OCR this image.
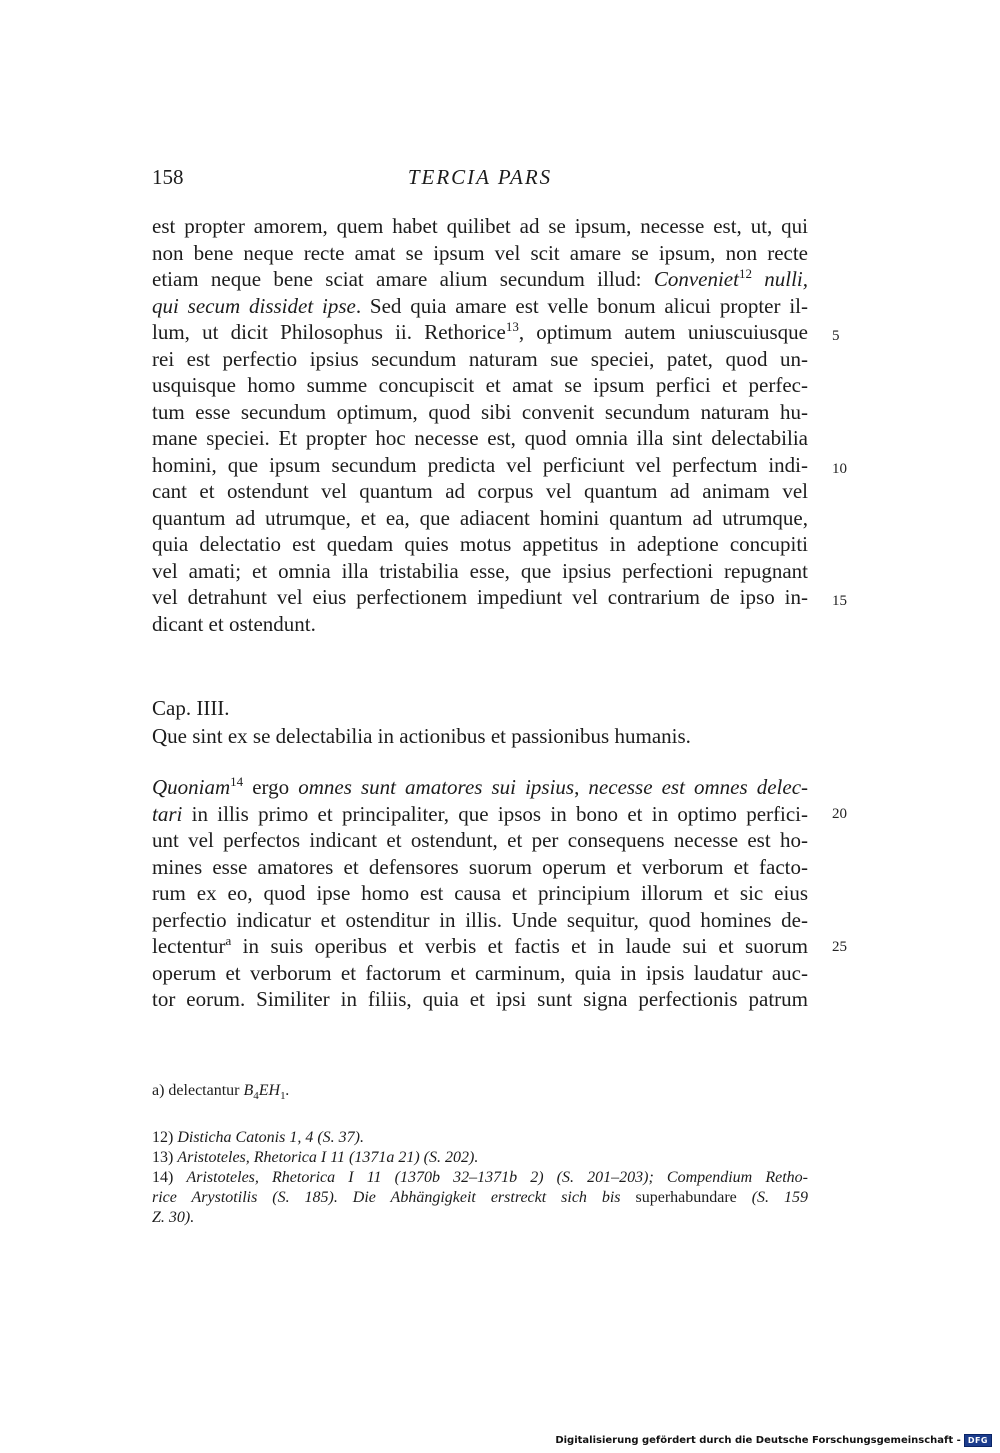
158	TERCIA PARS
est propter amorem, quem habet quilibet ad se ipsum, necesse est, ut, qui
non bene neque recte amat se ipsum vel scit amare se ipsum, non recte
etiam neque bene sciat amare alium secundum illud: Conveniet$^{12}$ nulli,
qui secum dissidet ipse. Sed quia amare est velle bonum alicui propter il-
lum, ut dicit Philosophus ii. Rethorice$^{13}$, optimum autem uniuscuiusque
rei est perfectio ipsius secundum naturam sue speciei, patet, quod un-
usquisque homo summe concupiscit et amat se ipsum perfici et perfec-
tum esse secundum optimum, quod sibi convenit secundum naturam hu-
mane speciei. Et propter hoc necesse est, quod omnia illa sint delectabilia
homini, que ipsum secundum predicta vel perficiunt vel perfectum indi-
cant et ostendunt vel quantum ad corpus vel quantum ad animam vel
quantum ad utrumque, et ea, que adiacent homini quantum ad utrumque,
quia delectatio est quedam quies motus appetitus in adeptione concupiti
vel amati; et omnia illa tristabilia esse, que ipsius perfectioni repugnant
vel detrahunt vel eius perfectionem impediunt vel contrarium de ipso in-
dicant et ostendunt.
5
10
15
Cap. IIII.
Que sint ex se delectabilia in actionibus et passionibus humanis.
Quoniam$^{14}$ ergo omnes sunt amatores sui ipsius, necesse est omnes delec-
tari in illis primo et principaliter, que ipsos in bono et in optimo perfici-
unt vel perfectos indicant et ostendunt, et per consequens necesse est ho-
mines esse amatores et defensores suorum operum et verborum et facto-
rum ex eo, quod ipse homo est causa et principium illorum et sic eius
perfectio indicatur et ostenditur in illis. Unde sequitur, quod homines de-
lectentur$^a$ in suis operibus et verbis et factis et in laude sui et suorum
operum et verborum et factorum et carminum, quia in ipsis laudatur auc-
tor eorum. Similiter in filiis, quia et ipsi sunt signa perfectionis patrum
20
25
a) delectantur $B_4EH_1$.
12) Disticha Catonis 1, 4 (S. 37).
13) Aristoteles, Rhetorica I 11 (1371a 21) (S. 202).
14) Aristoteles, Rhetorica I 11 (1370b 32–1371b 2) (S. 201–203); Compendium Retho-
rice Arystotilis (S. 185). Die Abhängigkeit erstreckt sich bis superhabundare (S. 159
Z. 30).
Digitalisierung gefördert durch die Deutsche Forschungsgemeinschaft - DFG
